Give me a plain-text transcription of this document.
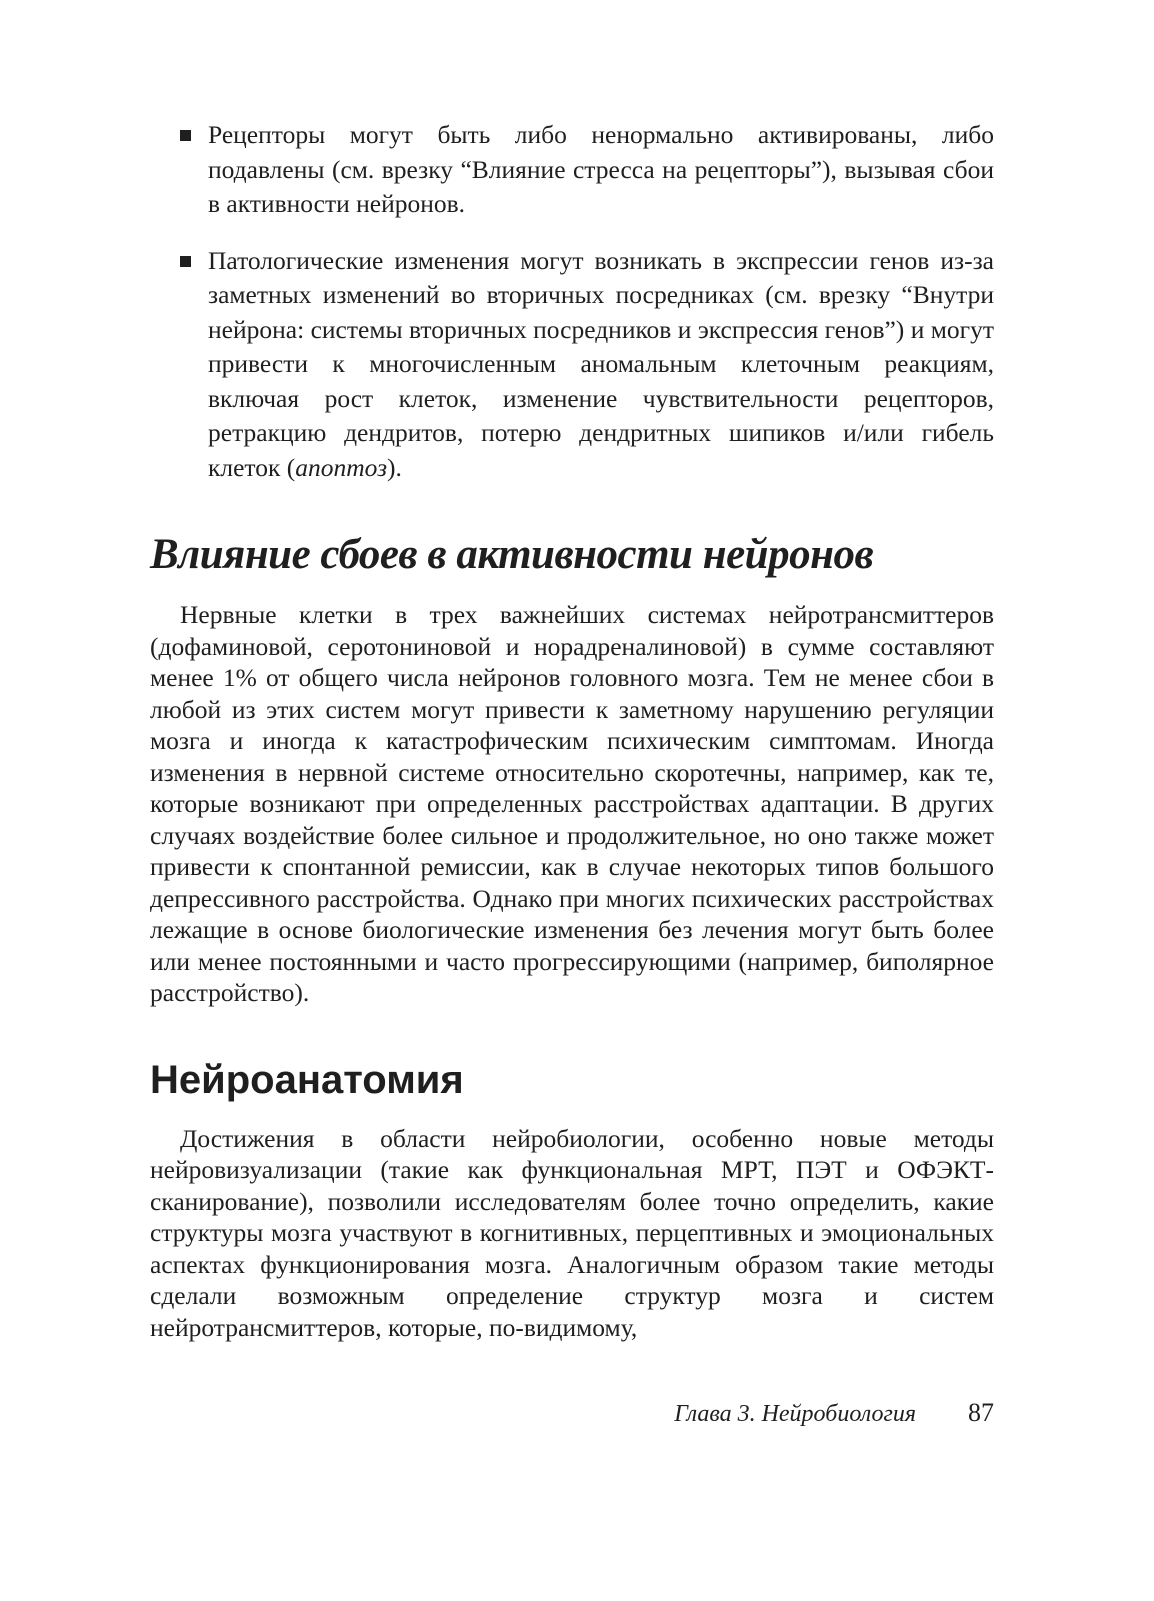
Рецепторы могут быть либо ненормально активированы, либо подавлены (см. врезку “Влияние стресса на рецепторы”), вызывая сбои в активности нейронов.
Патологические изменения могут возникать в экспрессии генов из-за заметных изменений во вторичных посредниках (см. врезку “Внутри нейрона: системы вторичных посредников и экспрессия генов”) и могут привести к многочисленным аномальным клеточным реакциям, включая рост клеток, изменение чувствительности рецепторов, ретракцию дендритов, потерю дендритных шипиков и/или гибель клеток (апоптоз).
Влияние сбоев в активности нейронов

Нервные клетки в трех важнейших системах нейротрансмиттеров (дофаминовой, серотониновой и норадреналиновой) в сумме составляют менее 1% от общего числа нейронов головного мозга. Тем не менее сбои в любой из этих систем могут привести к заметному нарушению регуляции мозга и иногда к катастрофическим психическим симптомам. Иногда изменения в нервной системе относительно скоротечны, например, как те, которые возникают при определенных расстройствах адаптации. В других случаях воздействие более сильное и продолжительное, но оно также может привести к спонтанной ремиссии, как в случае некоторых типов большого депрессивного расстройства. Однако при многих психических расстройствах лежащие в основе биологические изменения без лечения могут быть более или менее постоянными и часто прогрессирующими (например, биполярное расстройство).

Нейроанатомия

Достижения в области нейробиологии, особенно новые методы нейровизуализации (такие как функциональная МРТ, ПЭТ и ОФЭКТ-сканирование), позволили исследователям более точно определить, какие структуры мозга участвуют в когнитивных, перцептивных и эмоциональных аспектах функционирования мозга. Аналогичным образом такие методы сделали возможным определение структур мозга и систем нейротрансмиттеров, которые, по-видимому,

Глава 3. Нейробиология 87
